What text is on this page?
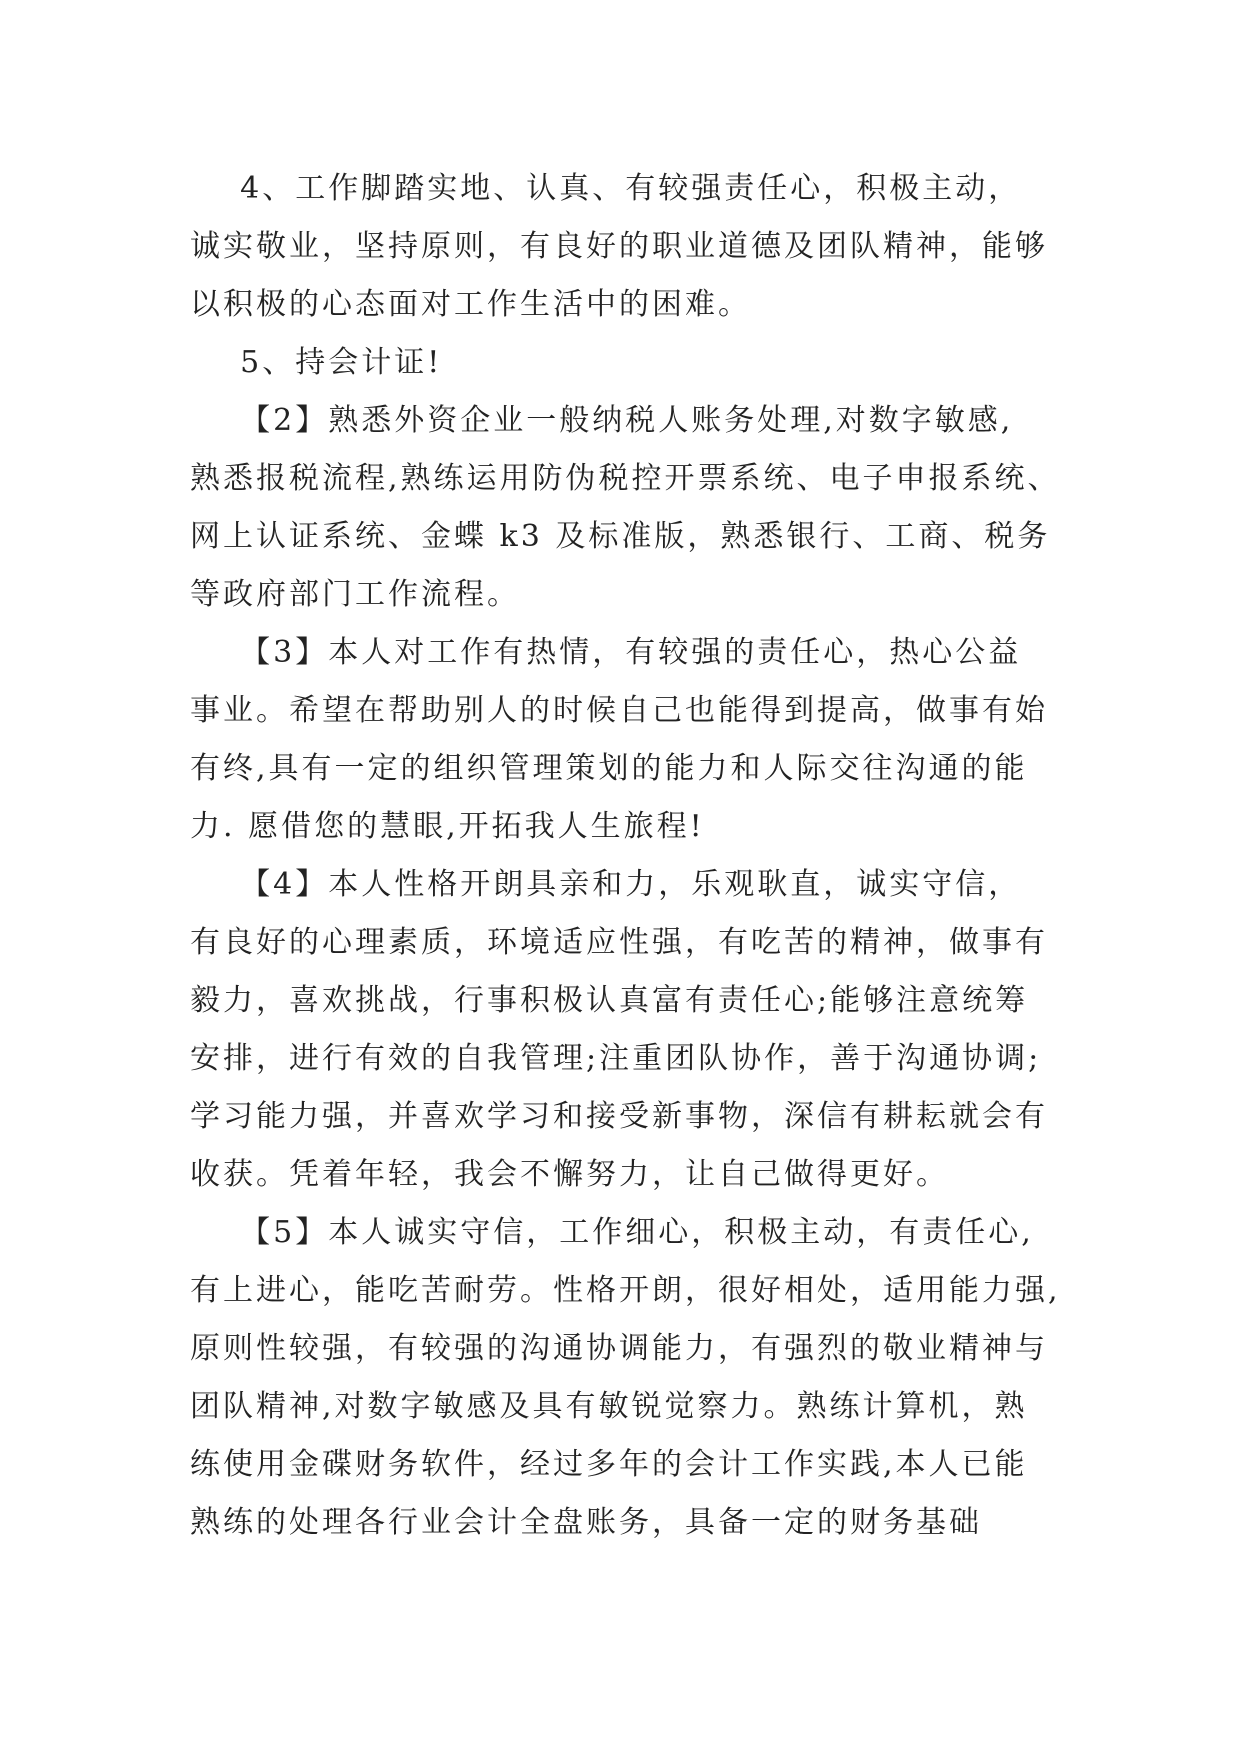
4、工作脚踏实地、认真、有较强责任心，积极主动，
诚实敬业，坚持原则，有良好的职业道德及团队精神，能够
以积极的心态面对工作生活中的困难。
5、持会计证!
【2】熟悉外资企业一般纳税人账务处理,对数字敏感,
熟悉报税流程,熟练运用防伪税控开票系统、电子申报系统、
网上认证系统、金蝶 k3 及标准版，熟悉银行、工商、税务
等政府部门工作流程。
【3】本人对工作有热情，有较强的责任心，热心公益
事业。希望在帮助别人的时候自己也能得到提高，做事有始
有终,具有一定的组织管理策划的能力和人际交往沟通的能
力. 愿借您的慧眼,开拓我人生旅程!
【4】本人性格开朗具亲和力，乐观耿直，诚实守信，
有良好的心理素质，环境适应性强，有吃苦的精神，做事有
毅力，喜欢挑战，行事积极认真富有责任心;能够注意统筹
安排，进行有效的自我管理;注重团队协作，善于沟通协调;
学习能力强，并喜欢学习和接受新事物，深信有耕耘就会有
收获。凭着年轻，我会不懈努力，让自己做得更好。
【5】本人诚实守信，工作细心，积极主动，有责任心,
有上进心，能吃苦耐劳。性格开朗，很好相处，适用能力强,
原则性较强，有较强的沟通协调能力，有强烈的敬业精神与
团队精神,对数字敏感及具有敏锐觉察力。熟练计算机，熟
练使用金碟财务软件，经过多年的会计工作实践,本人已能
熟练的处理各行业会计全盘账务，具备一定的财务基础
